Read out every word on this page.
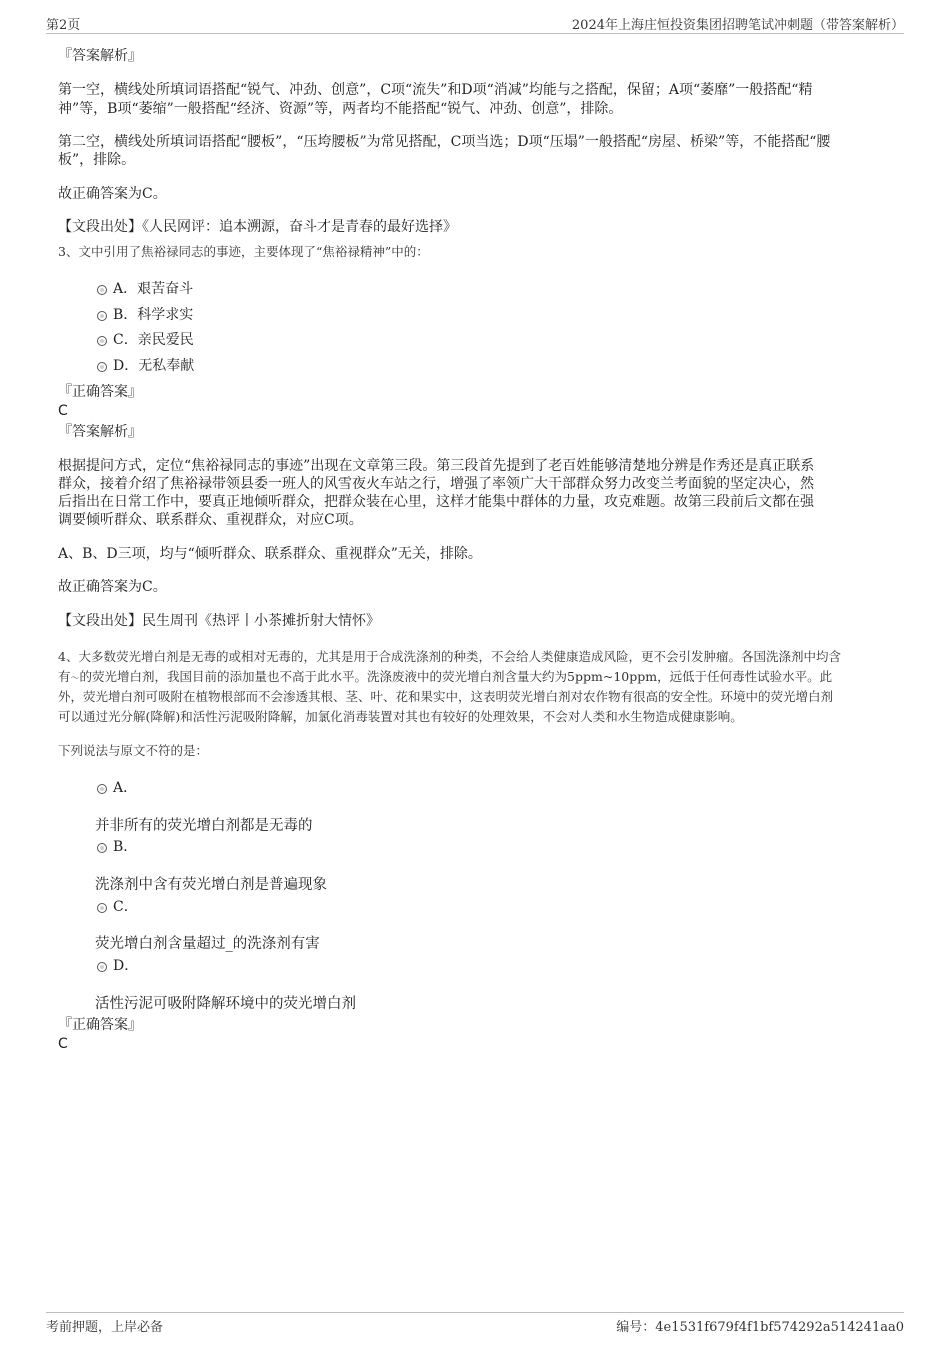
第2页	2024年上海庄恒投资集团招聘笔试冲刺题（带答案解析）

『答案解析』

第一空，横线处所填词语搭配“锐气、冲劲、创意”，C项“流失”和D项“消减”均能与之搭配，保留；A项“萎靡”一般搭配“精

神”等，B项“萎缩”一般搭配“经济、资源”等，两者均不能搭配“锐气、冲劲、创意”，排除。

第二空，横线处所填词语搭配“腰板”，“压垮腰板”为常见搭配，C项当选；D项“压塌”一般搭配“房屋、桥梁”等，不能搭配“腰

板”，排除。

故正确答案为C。

【文段出处】《人民网评：追本溯源，奋斗才是青春的最好选择》

3、文中引用了焦裕禄同志的事迹，主要体现了“焦裕禄精神”中的：

A．艰苦奋斗
B．科学求实
C．亲民爱民
D．无私奉献

『正确答案』

C

『答案解析』

根据提问方式，定位“焦裕禄同志的事迹”出现在文章第三段。第三段首先提到了老百姓能够清楚地分辨是作秀还是真正联系

群众，接着介绍了焦裕禄带领县委一班人的风雪夜火车站之行，增强了率领广大干部群众努力改变兰考面貌的坚定决心，然

后指出在日常工作中，要真正地倾听群众，把群众装在心里，这样才能集中群体的力量，攻克难题。故第三段前后文都在强

调要倾听群众、联系群众、重视群众，对应C项。

A、B、D三项，均与“倾听群众、联系群众、重视群众”无关，排除。

故正确答案为C。

【文段出处】民生周刊《热评丨小茶摊折射大情怀》

4、大多数荧光增白剂是无毒的或相对无毒的，尤其是用于合成洗涤剂的种类，不会给人类健康造成风险，更不会引发肿瘤。各国洗涤剂中均含

有～的荧光增白剂，我国目前的添加量也不高于此水平。洗涤废液中的荧光增白剂含量大约为5ppm~10ppm，远低于任何毒性试验水平。此

外，荧光增白剂可吸附在植物根部而不会渗透其根、茎、叶、花和果实中，这表明荧光增白剂对农作物有很高的安全性。环境中的荧光增白剂

可以通过光分解(降解)和活性污泥吸附降解，加氯化消毒装置对其也有较好的处理效果，不会对人类和水生物造成健康影响。

下列说法与原文不符的是：

A．
并非所有的荧光增白剂都是无毒的
B．
洗涤剂中含有荧光增白剂是普遍现象
C．
荧光增白剂含量超过_的洗涤剂有害
D．
活性污泥可吸附降解环境中的荧光增白剂

『正确答案』

C

考前押题，上岸必备	编号：4e1531f679f4f1bf574292a514241aa0
